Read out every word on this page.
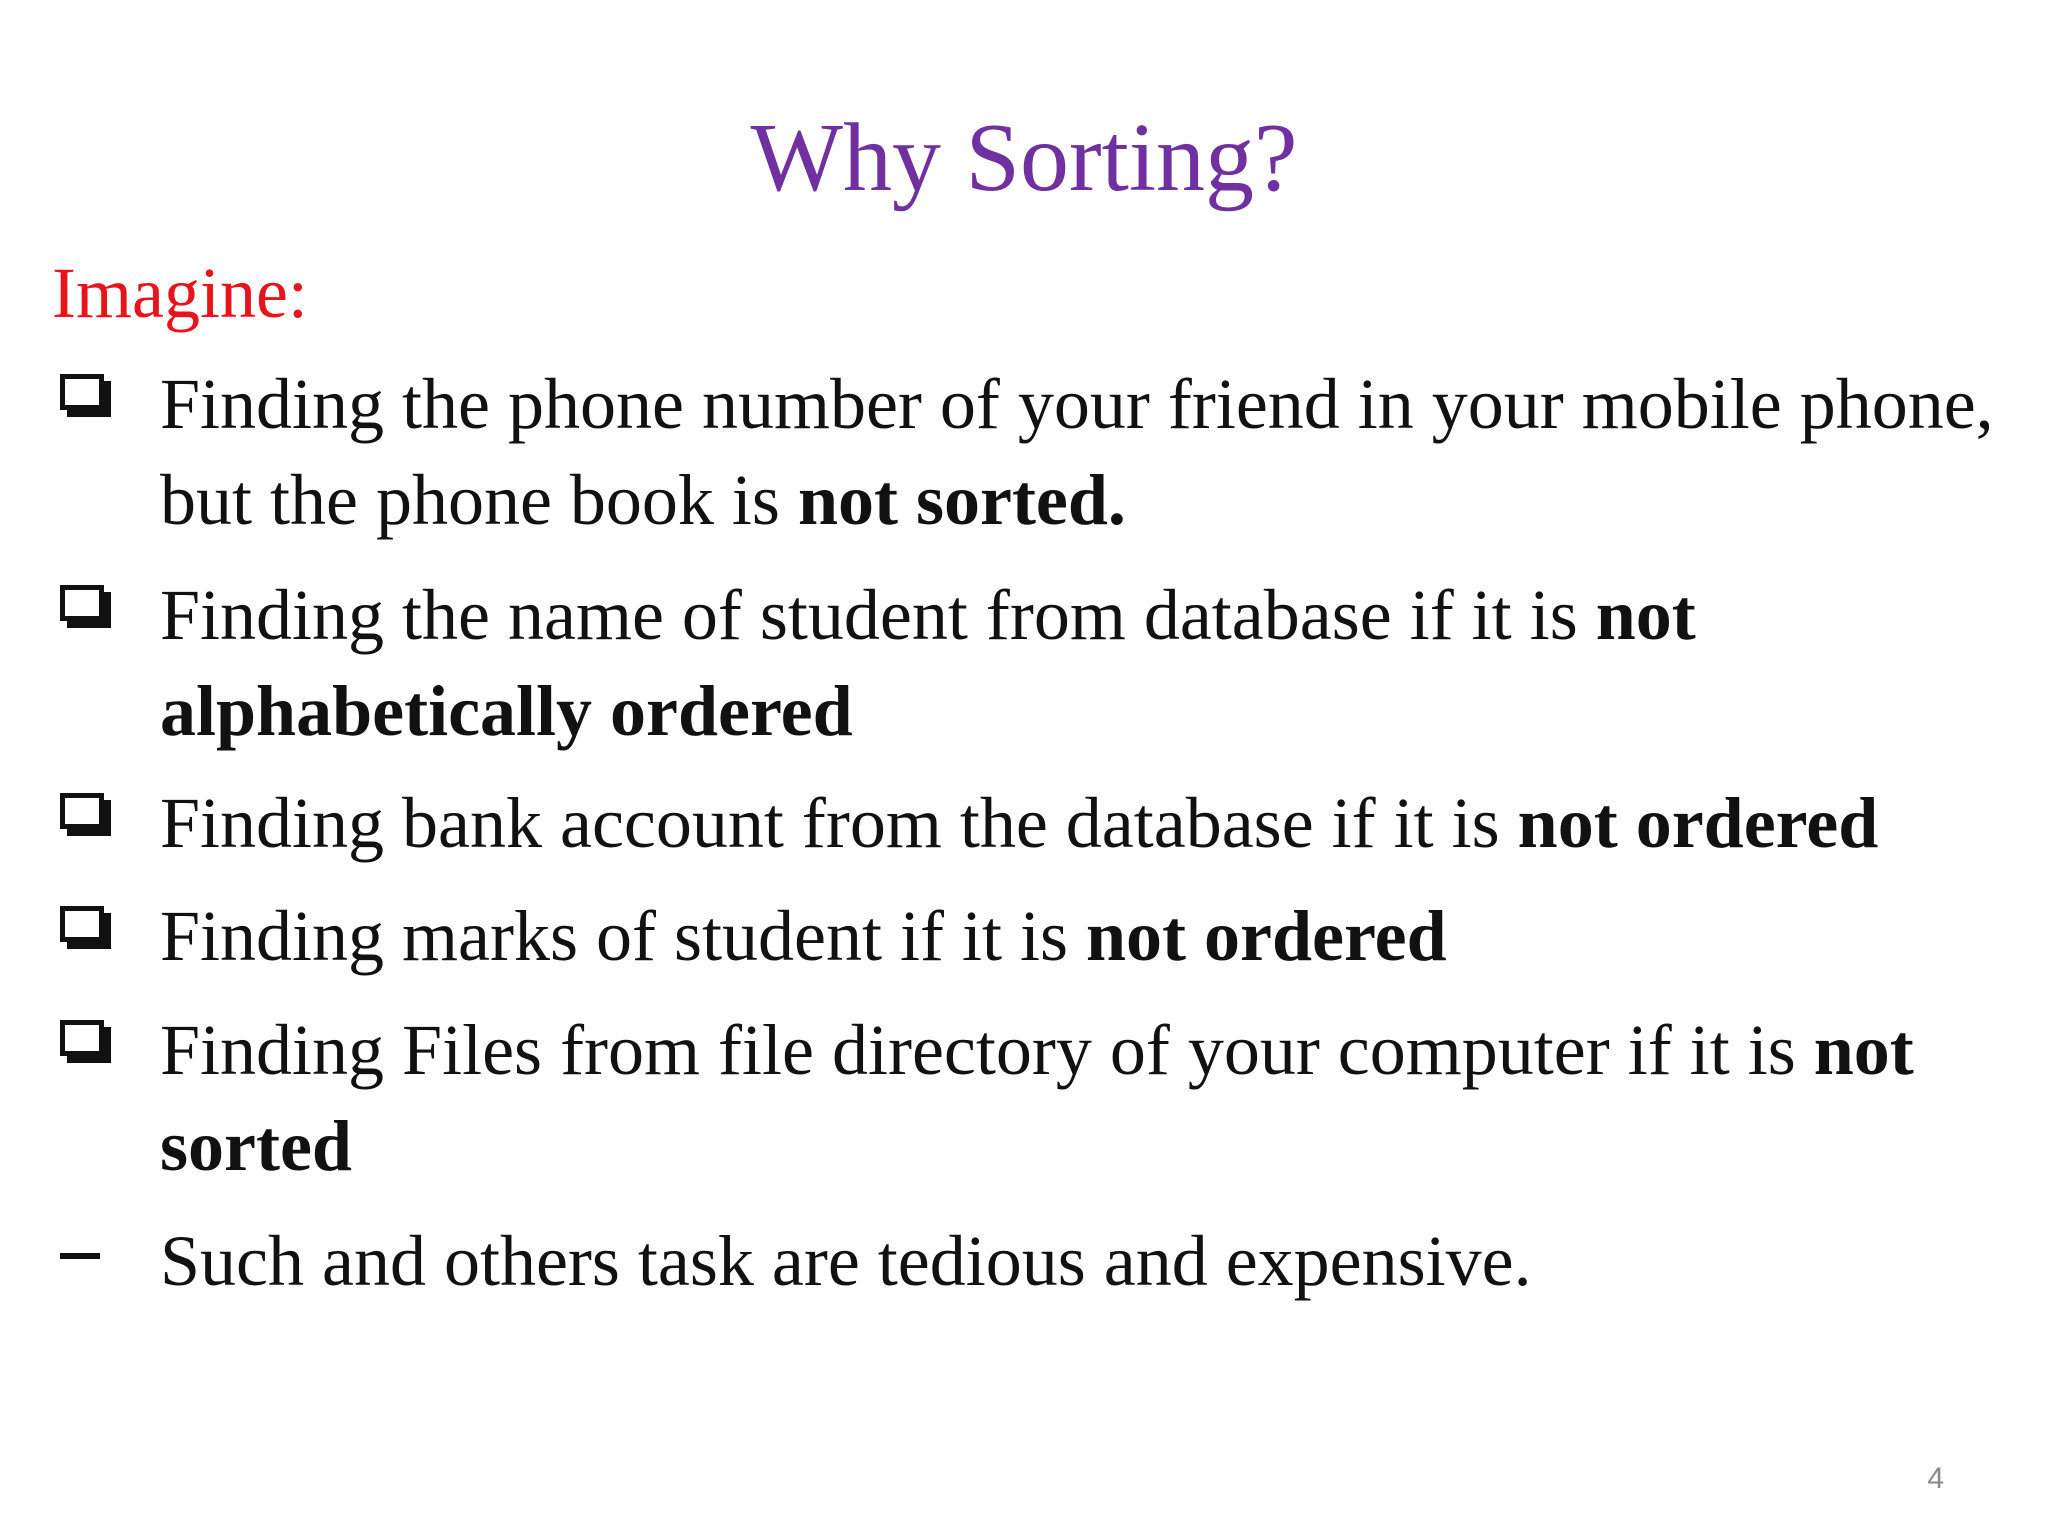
Why Sorting?
Imagine:
Finding the phone number of your friend in your mobile phone, but the phone book is not sorted.
Finding the name of student from database if it is not alphabetically ordered
Finding bank account from the database if it is not ordered
Finding marks of student if it is not ordered
Finding Files from file directory of your computer if it is not sorted
Such and others task are tedious and expensive.
4
